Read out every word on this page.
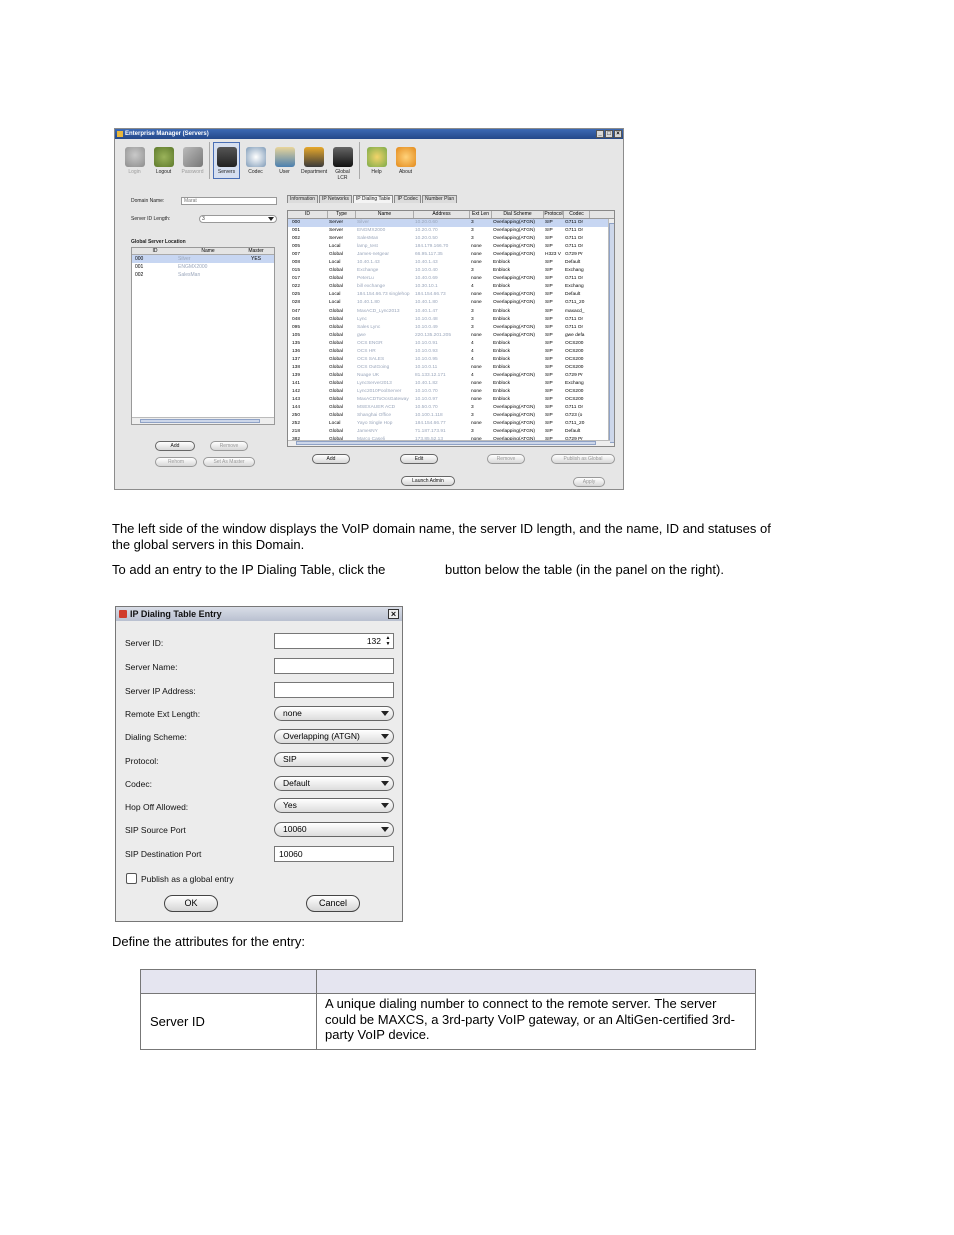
Enterprise Manager (Servers)	_ □ ×
Login	Logout	Password	Servers	Codec	User	Department	Global LCR
Help	About
Domain Name:	Marat
Server ID Length:	3
Global Server Location
ID	Name	Master
000	Silver	YES
001	ENGMX2000
002	SalesMan
Add	Remove
Rehom	Set As Master
Information	IP Networks	IP Dialing Table	IP Codec	Number Plan
ID	Type	Name	Address	Ext Len	Dial Scheme	Protocol	Codec
000	Server	Silver	10.20.0.60	3	Overlapping(ATGN)	SIP	G711 Or
001	Server	ENGMX2000	10.20.0.70	3	Overlapping(ATGN)	SIP	G711 Or
002	Server	SalesMan	10.20.0.50	3	Overlapping(ATGN)	SIP	G711 Or
005	Local	lamp_test	184.179.166.70	none	Overlapping(ATGN)	SIP	G711 Or
007	Global	James-netgear	66.95.117.35	none	Overlapping(ATGN)	H323 V G729 Pr
008	Local	10.40.1.43	10.40.1.43	none	Enblock	SIP	Default
015	Global	Exchange	10.10.0.40	3	Enblock	SIP	Exchang
017	Global	PeterLu	10.40.0.69	none	Overlapping(ATGN)	SIP	G711 Or
022	Global	bill exchange	10.30.10.1	4	Enblock	SIP	Exchang
025	Local	184.154.66.73 singlehop	184.154.66.73	none	Overlapping(ATGN)	SIP	Default
028	Local	10.40.1.80	10.40.1.80	none	Overlapping(ATGN)	SIP	G711_20
047	Global	MaxACD_Lync2013	10.40.1.47	3	Enblock	SIP	maxacd_
048	Global	Lync	10.10.0.48	3	Enblock	SIP	G711 Or
095	Global	Sales Lync	10.10.0.49	3	Overlapping(ATGN)	SIP	G711 Or
105	Global	gwe	220.135.201.205	none	Overlapping(ATGN)	SIP	gwe defa
135	Global	OCS ENGR	10.10.0.91	4	Enblock	SIP	OCS200
136	Global	OCS HR	10.10.0.93	4	Enblock	SIP	OCS200
137	Global	OCS SALES	10.10.0.95	4	Enblock	SIP	OCS200
138	Global	OCS OutGoing	10.10.0.11	none	Enblock	SIP	OCS200
139	Global	Nuage UK	81.133.12.171	4	Overlapping(ATGN)	SIP	G729 Pr
141	Global	LyncServer2013	10.40.1.82	none	Enblock	SIP	Exchang
142	Global	Lync2010PoolServer	10.10.0.70	none	Enblock	SIP	OCS200
143	Global	MaxACDToOcsGateway	10.10.0.97	none	Enblock	SIP	OCS200
144	Global	MSEXAUER ACD	10.50.0.70	3	Overlapping(ATGN)	SIP	G711 Or
250	Global	Shanghai Office	10.100.1.118	3	Overlapping(ATGN)	SIP	G723 (o
252	Local	Yayo Single Hop	184.154.66.77	none	Overlapping(ATGN)	SIP	G711_20
218	Global	JamesNY	71.187.173.91	3	Overlapping(ATGN)	SIP	Default
Add	Edit	Remove	Publish as Global
Launch Admin	Apply
The left side of the window displays the VoIP domain name, the server ID length, and the name, ID and statuses of the global servers in this Domain.
To add an entry to the IP Dialing Table, click the	button below the table (in the panel on the right).
IP Dialing Table Entry	×
Server ID:	132 ▲
▼
Server Name:
Server IP Address:
Remote Ext Length:	none
Dialing Scheme:	Overlapping (ATGN)
Protocol:	SIP
Codec:	Default
Hop Off Allowed:	Yes
SIP Source Port	10060
SIP Destination Port	10060
Publish as a global entry
OK	Cancel
Define the attributes for the entry:

Server ID	A unique dialing number to connect to the remote server. The server could be MAXCS, a 3rd-party VoIP gateway, or an AltiGen-certified 3rd-party VoIP device.
